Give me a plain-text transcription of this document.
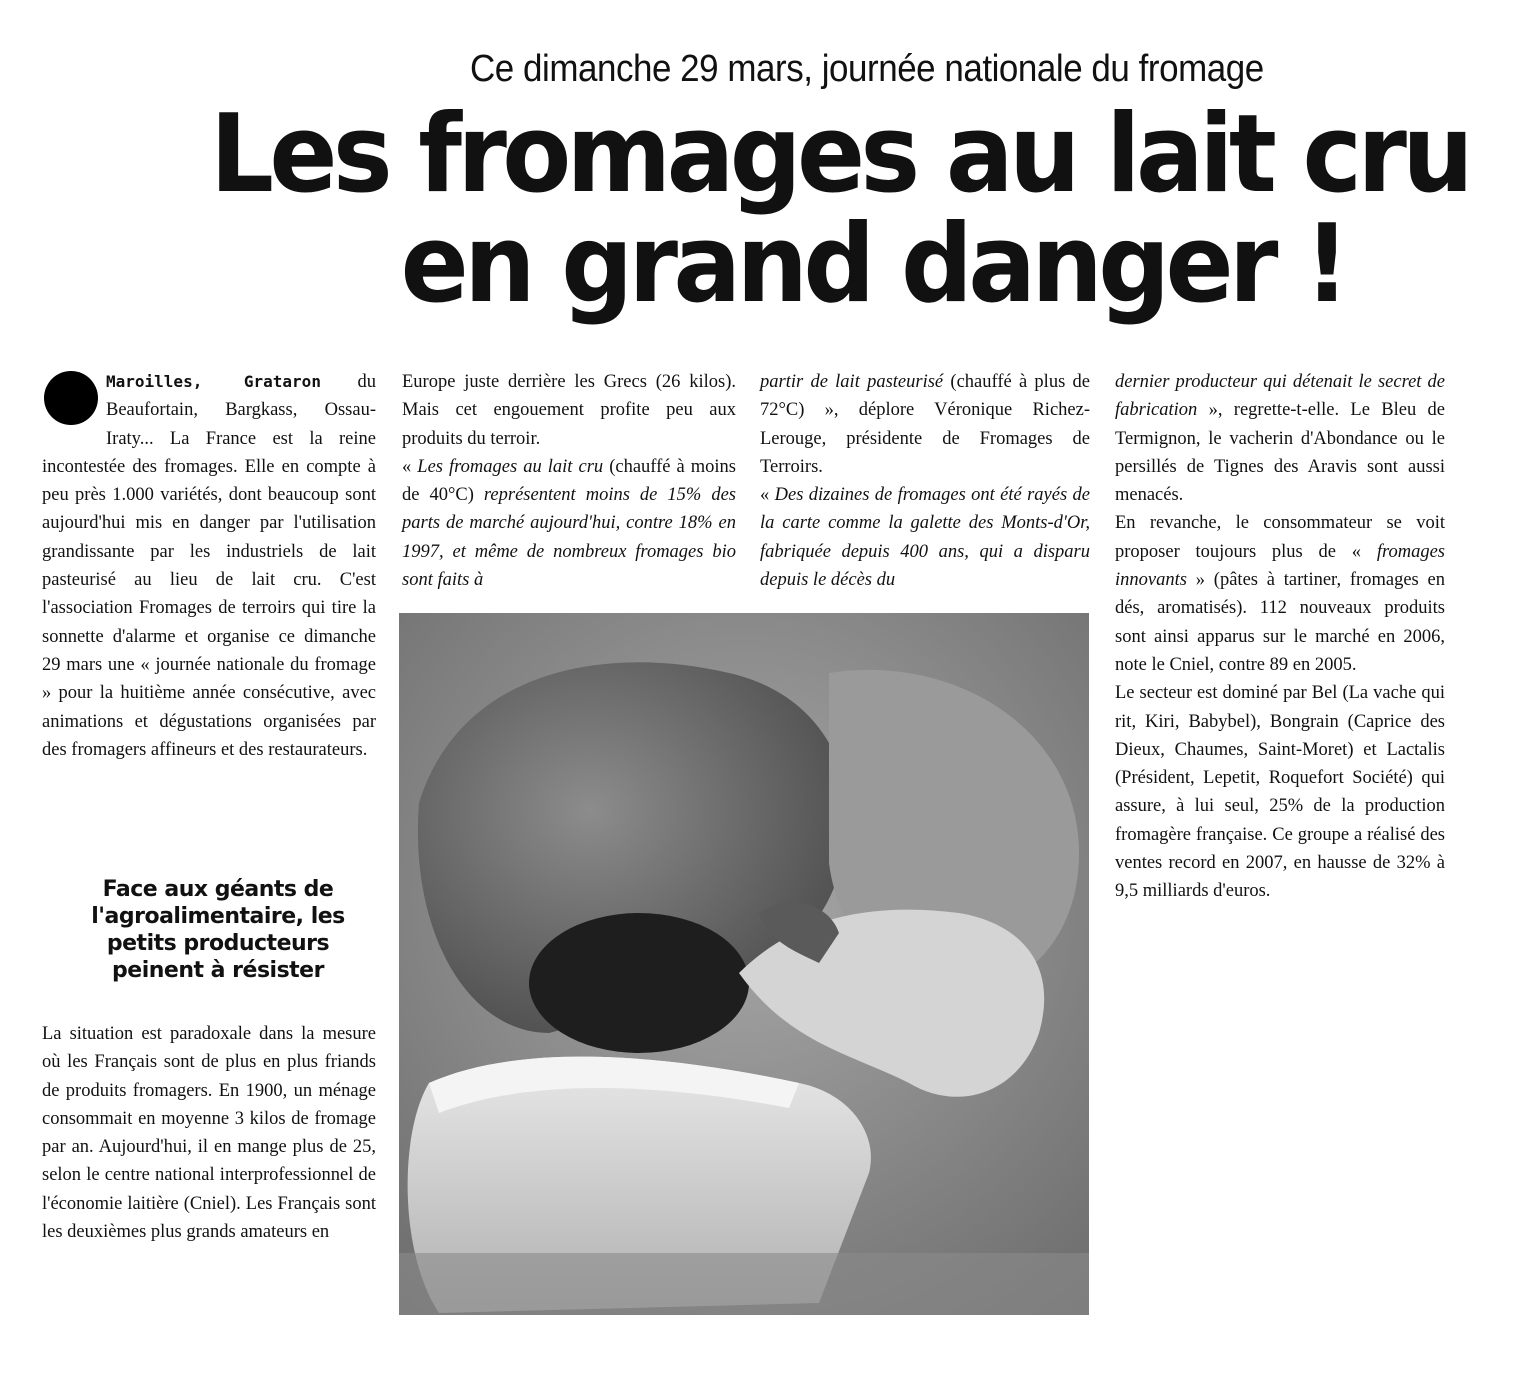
Ce dimanche 29 mars, journée nationale du fromage
Les fromages au lait cru
en grand danger !

Maroilles, Grataron du Beaufortain, Bargkass, Ossau-Iraty... La France est la reine incontestée des fromages. Elle en compte à peu près 1.000 variétés, dont beaucoup sont aujourd'hui mis en danger par l'utilisation grandissante par les industriels de lait pasteurisé au lieu de lait cru. C'est l'association Fromages de terroirs qui tire la sonnette d'alarme et organise ce dimanche 29 mars une « journée nationale du fromage » pour la huitième année consécutive, avec animations et dégustations organisées par des fromagers affineurs et des restaurateurs.

Face aux géants de l'agroalimentaire, les petits producteurs peinent à résister

La situation est paradoxale dans la mesure où les Français sont de plus en plus friands de produits fromagers. En 1900, un ménage consommait en moyenne 3 kilos de fromage par an. Aujourd'hui, il en mange plus de 25, selon le centre national interprofessionnel de l'économie laitière (Cniel). Les Français sont les deuxièmes plus grands amateurs en

Europe juste derrière les Grecs (26 kilos). Mais cet engouement profite peu aux produits du terroir.

« Les fromages au lait cru (chauffé à moins de 40°C) représentent moins de 15% des parts de marché aujourd'hui, contre 18% en 1997, et même de nombreux fromages bio sont faits à

partir de lait pasteurisé (chauffé à plus de 72°C) », déplore Véronique Richez-Lerouge, présidente de Fromages de Terroirs.

« Des dizaines de fromages ont été rayés de la carte comme la galette des Monts-d'Or, fabriquée depuis 400 ans, qui a disparu depuis le décès du

dernier producteur qui détenait le secret de fabrication », regrette-t-elle. Le Bleu de Termignon, le vacherin d'Abondance ou le persillés de Tignes des Aravis sont aussi menacés.

En revanche, le consommateur se voit proposer toujours plus de « fromages innovants » (pâtes à tartiner, fromages en dés, aromatisés). 112 nouveaux produits sont ainsi apparus sur le marché en 2006, note le Cniel, contre 89 en 2005.

Le secteur est dominé par Bel (La vache qui rit, Kiri, Babybel), Bongrain (Caprice des Dieux, Chaumes, Saint-Moret) et Lactalis (Président, Lepetit, Roquefort Société) qui assure, à lui seul, 25% de la production fromagère française. Ce groupe a réalisé des ventes record en 2007, en hausse de 32% à 9,5 milliards d'euros.
